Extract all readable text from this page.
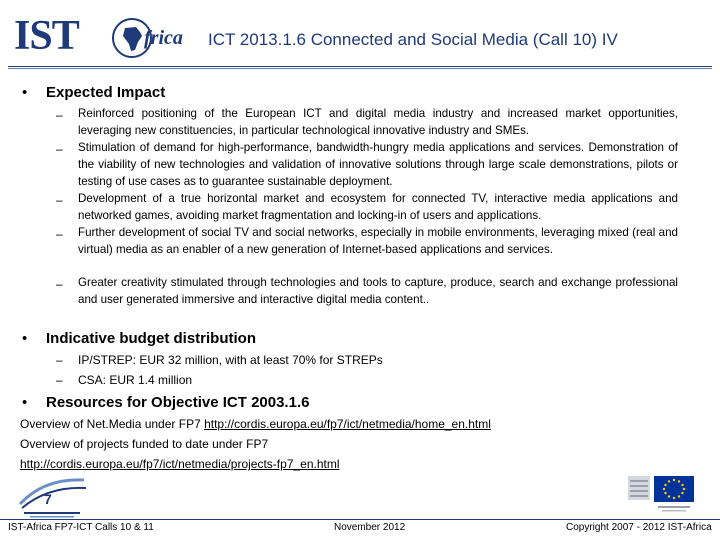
IST	frica ICT 2013.1.6 Connected and Social Media (Call 10) IV
• Expected Impact
– Reinforced positioning of the European ICT and digital media industry and increased market opportunities, leveraging new constituencies, in particular technological innovative industry and SMEs.
– Stimulation of demand for high-performance, bandwidth-hungry media applications and services. Demonstration of the viability of new technologies and validation of innovative solutions through large scale demonstrations, pilots or testing of use cases as to guarantee sustainable deployment.
– Development of a true horizontal market and ecosystem for connected TV, interactive media applications and networked games, avoiding market fragmentation and locking-in of users and applications.
– Further development of social TV and social networks, especially in mobile environments, leveraging mixed (real and virtual) media as an enabler of a new generation of Internet-based applications and services.
– Greater creativity stimulated through technologies and tools to capture, produce, search and exchange professional and user generated immersive and interactive digital media content..
• Indicative budget distribution
– IP/STREP: EUR 32 million, with at least 70% for STREPs
– CSA: EUR 1.4 million
• Resources for Objective ICT 2003.1.6
Overview of Net.Media under FP7 http://cordis.europa.eu/fp7/ict/netmedia/home_en.html
Overview of projects funded to date under FP7
http://cordis.europa.eu/fp7/ict/netmedia/projects-fp7_en.html
7
IST-Africa FP7-ICT Calls 10 & 11	November 2012	Copyright 2007 - 2012 IST-Africa
